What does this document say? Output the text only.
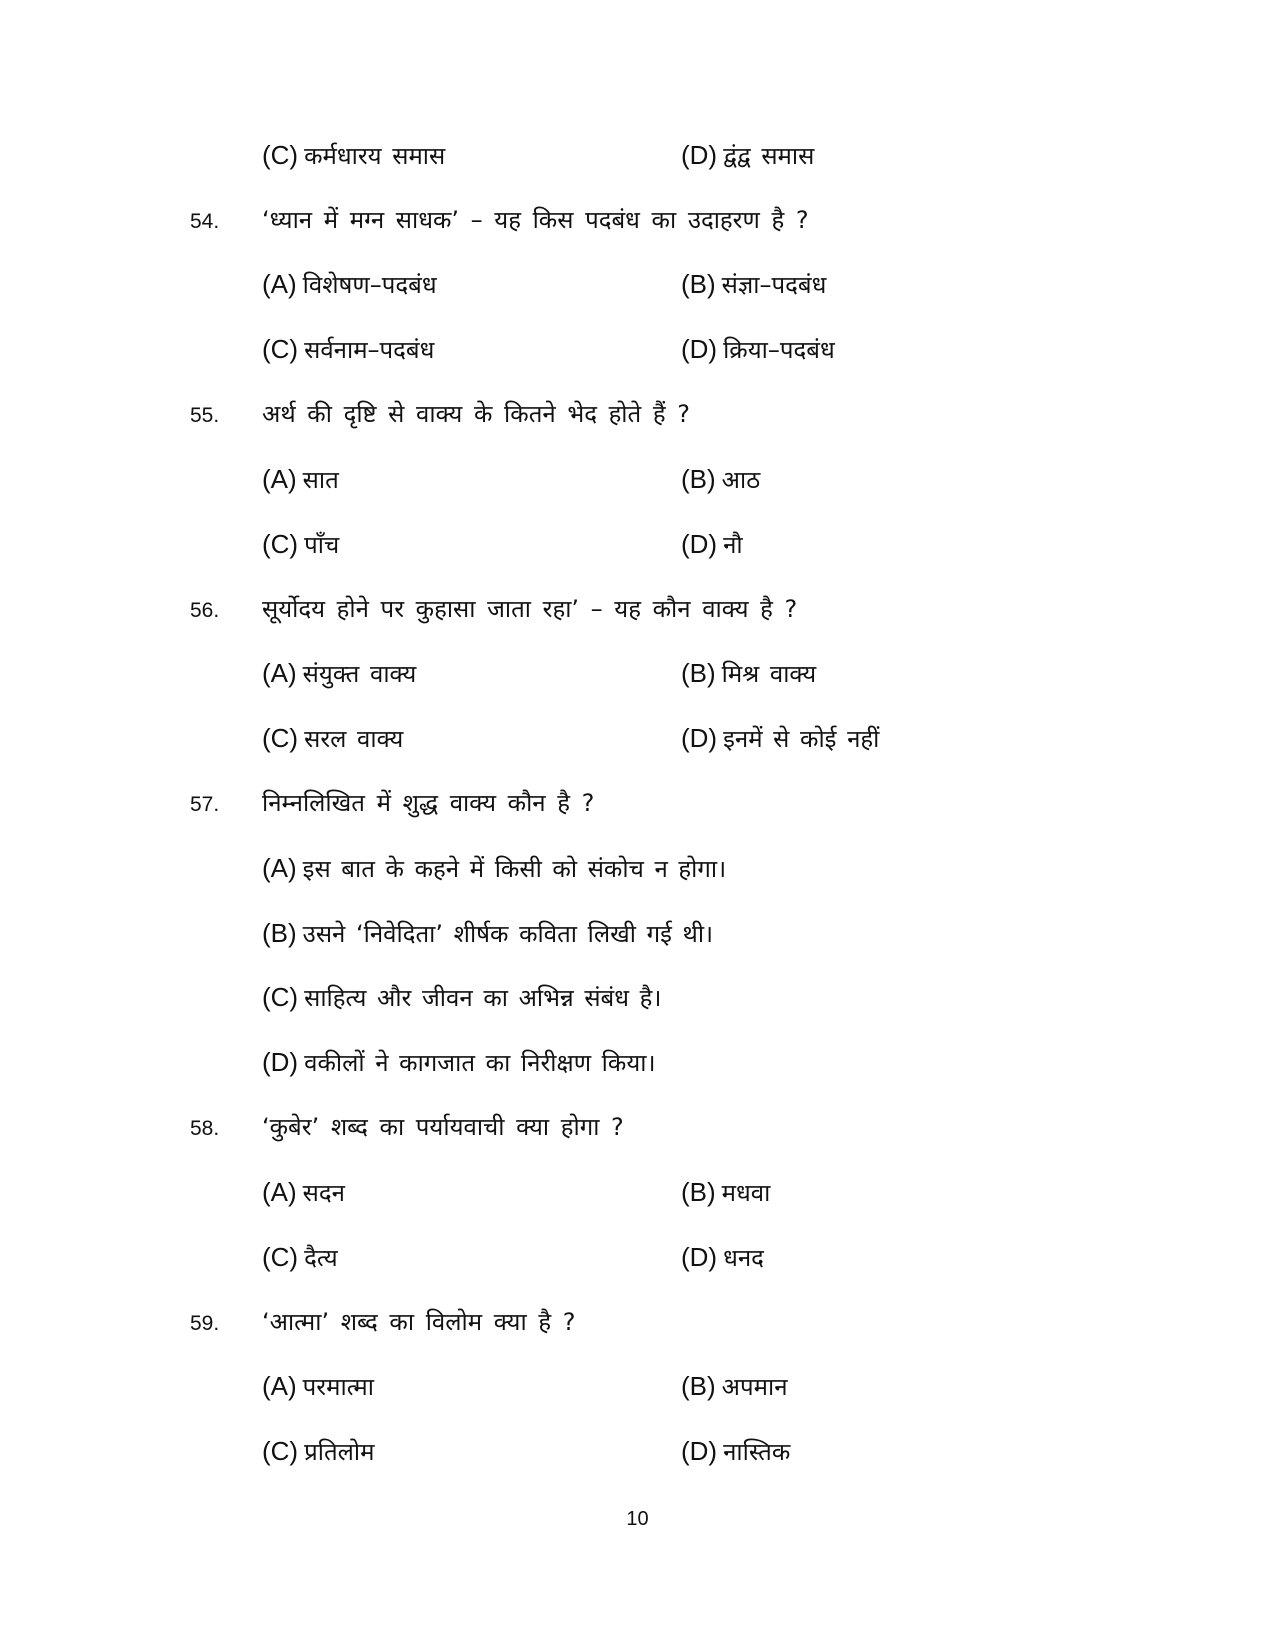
(C) कर्मधारय समास	(D) द्वंद्व समास
54. ‘ध्यान में मग्न साधक’ – यह किस पदबंध का उदाहरण है ?
(A) विशेषण–पदबंध	(B) संज्ञा–पदबंध
(C) सर्वनाम–पदबंध	(D) क्रिया–पदबंध
55. अर्थ की दृष्टि से वाक्य के कितने भेद होते हैं ?
(A) सात	(B) आठ
(C) पाँच	(D) नौ
56. सूर्योदय होने पर कुहासा जाता रहा’ – यह कौन वाक्य है ?
(A) संयुक्त वाक्य	(B) मिश्र वाक्य
(C) सरल वाक्य	(D) इनमें से कोई नहीं
57. निम्नलिखित में शुद्ध वाक्य कौन है ?
(A) इस बात के कहने में किसी को संकोच न होगा।
(B) उसने ‘निवेदिता’ शीर्षक कविता लिखी गई थी।
(C) साहित्य और जीवन का अभिन्न संबंध है।
(D) वकीलों ने कागजात का निरीक्षण किया।
58. ‘कुबेर’ शब्द का पर्यायवाची क्या होगा ?
(A) सदन	(B) मधवा
(C) दैत्य	(D) धनद
59. ‘आत्मा’ शब्द का विलोम क्या है ?
(A) परमात्मा	(B) अपमान
(C) प्रतिलोम	(D) नास्तिक
10
